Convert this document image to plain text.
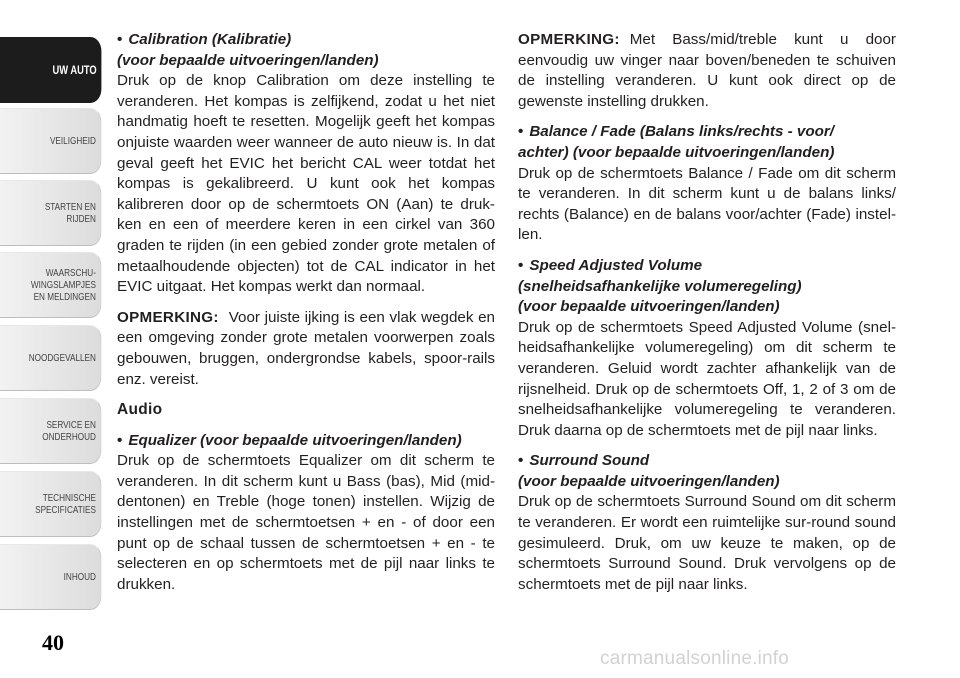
UW AUTO
VEILIGHEID
STARTEN EN
RIJDEN
WAARSCHU-
WINGSLAMPJES
EN MELDINGEN
NOODGEVALLEN
SERVICE EN
ONDERHOUD
TECHNISCHE
SPECIFICATIES
INHOUD
40
• Calibration (Kalibratie)
(voor bepaalde uitvoeringen/landen)

Druk op de knop Calibration om deze instelling te veranderen. Het kompas is zelfijkend, zodat u het niet handmatig hoeft te resetten. Mogelijk geeft het kompas onjuiste waarden weer wanneer de auto nieuw is. In dat geval geeft het EVIC het bericht CAL weer totdat het kompas is gekalibreerd. U kunt ook het kompas kalibreren door op de schermtoets ON (Aan) te druk-ken en een of meerdere keren in een cirkel van 360 graden te rijden (in een gebied zonder grote metalen of metaalhoudende objecten) tot de CAL indicator in het EVIC uitgaat. Het kompas werkt dan normaal.

OPMERKING: Voor juiste ijking is een vlak wegdek en een omgeving zonder grote metalen voorwerpen zoals gebouwen, bruggen, ondergrondse kabels, spoor-rails enz. vereist.

Audio
• Equalizer (voor bepaalde uitvoeringen/landen)

Druk op de schermtoets Equalizer om dit scherm te veranderen. In dit scherm kunt u Bass (bas), Mid (mid-dentonen) en Treble (hoge tonen) instellen. Wijzig de instellingen met de schermtoetsen + en - of door een punt op de schaal tussen de schermtoetsen + en - te selecteren en op schermtoets met de pijl naar links te drukken.

OPMERKING: Met Bass/mid/treble kunt u door eenvoudig uw vinger naar boven/beneden te schuiven de instelling veranderen. U kunt ook direct op de gewenste instelling drukken.

• Balance / Fade (Balans links/rechts - voor/
achter) (voor bepaalde uitvoeringen/landen)

Druk op de schermtoets Balance / Fade om dit scherm te veranderen. In dit scherm kunt u de balans links/ rechts (Balance) en de balans voor/achter (Fade) instel-len.

• Speed Adjusted Volume
(snelheidsafhankelijke volumeregeling)
(voor bepaalde uitvoeringen/landen)

Druk op de schermtoets Speed Adjusted Volume (snel-heidsafhankelijke volumeregeling) om dit scherm te veranderen. Geluid wordt zachter afhankelijk van de rijsnelheid. Druk op de schermtoets Off, 1, 2 of 3 om de snelheidsafhankelijke volumeregeling te veranderen. Druk daarna op de schermtoets met de pijl naar links.

• Surround Sound
(voor bepaalde uitvoeringen/landen)

Druk op de schermtoets Surround Sound om dit scherm te veranderen. Er wordt een ruimtelijke sur-round sound gesimuleerd. Druk, om uw keuze te maken, op de schermtoets Surround Sound. Druk vervolgens op de schermtoets met de pijl naar links.

carmanualsonline.info
